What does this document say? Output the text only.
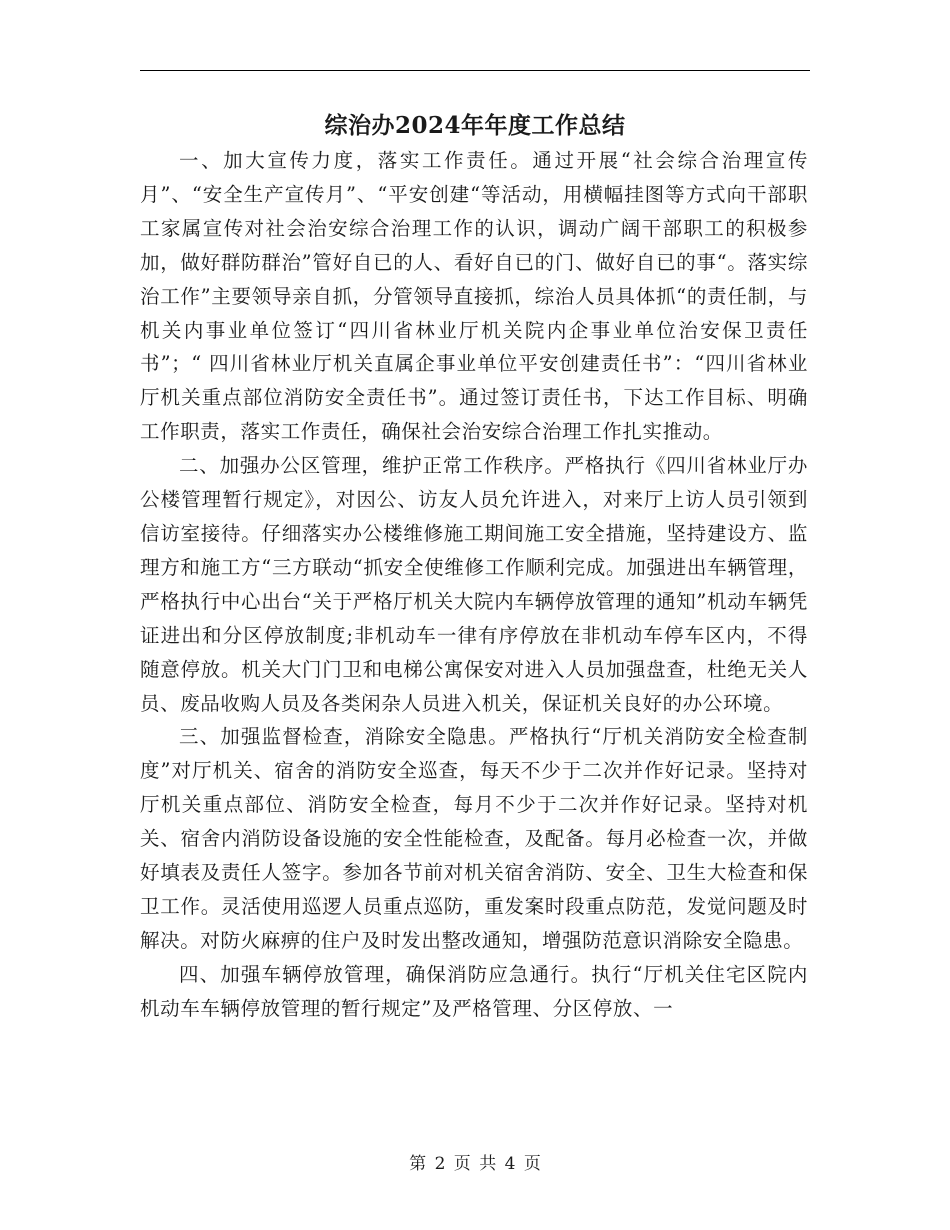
综治办2024年年度工作总结

一、加大宣传力度，落实工作责任。通过开展“社会综合治理宣传月”、“安全生产宣传月”、“平安创建“等活动，用横幅挂图等方式向干部职工家属宣传对社会治安综合治理工作的认识，调动广阔干部职工的积极参加，做好群防群治”管好自已的人、看好自已的门、做好自已的事“。落实综治工作”主要领导亲自抓，分管领导直接抓，综治人员具体抓“的责任制，与机关内事业单位签订“四川省林业厅机关院内企事业单位治安保卫责任书”；“ 四川省林业厅机关直属企事业单位平安创建责任书”：“四川省林业厅机关重点部位消防安全责任书”。通过签订责任书，下达工作目标、明确工作职责，落实工作责任，确保社会治安综合治理工作扎实推动。

二、加强办公区管理，维护正常工作秩序。严格执行《四川省林业厅办公楼管理暂行规定》，对因公、访友人员允许进入，对来厅上访人员引领到信访室接待。仔细落实办公楼维修施工期间施工安全措施，坚持建设方、监理方和施工方“三方联动“抓安全使维修工作顺利完成。加强进出车辆管理，严格执行中心出台“关于严格厅机关大院内车辆停放管理的通知”机动车辆凭证进出和分区停放制度;非机动车一律有序停放在非机动车停车区内，不得随意停放。机关大门门卫和电梯公寓保安对进入人员加强盘查，杜绝无关人员、废品收购人员及各类闲杂人员进入机关，保证机关良好的办公环境。

三、加强监督检查，消除安全隐患。严格执行“厅机关消防安全检查制度”对厅机关、宿舍的消防安全巡查，每天不少于二次并作好记录。坚持对厅机关重点部位、消防安全检查，每月不少于二次并作好记录。坚持对机关、宿舍内消防设备设施的安全性能检查，及配备。每月必检查一次，并做好填表及责任人签字。参加各节前对机关宿舍消防、安全、卫生大检查和保卫工作。灵活使用巡逻人员重点巡防，重发案时段重点防范，发觉问题及时解决。对防火麻痹的住户及时发出整改通知，增强防范意识消除安全隐患。

四、加强车辆停放管理，确保消防应急通行。执行“厅机关住宅区院内机动车车辆停放管理的暂行规定”及严格管理、分区停放、一

第 2 页 共 4 页
